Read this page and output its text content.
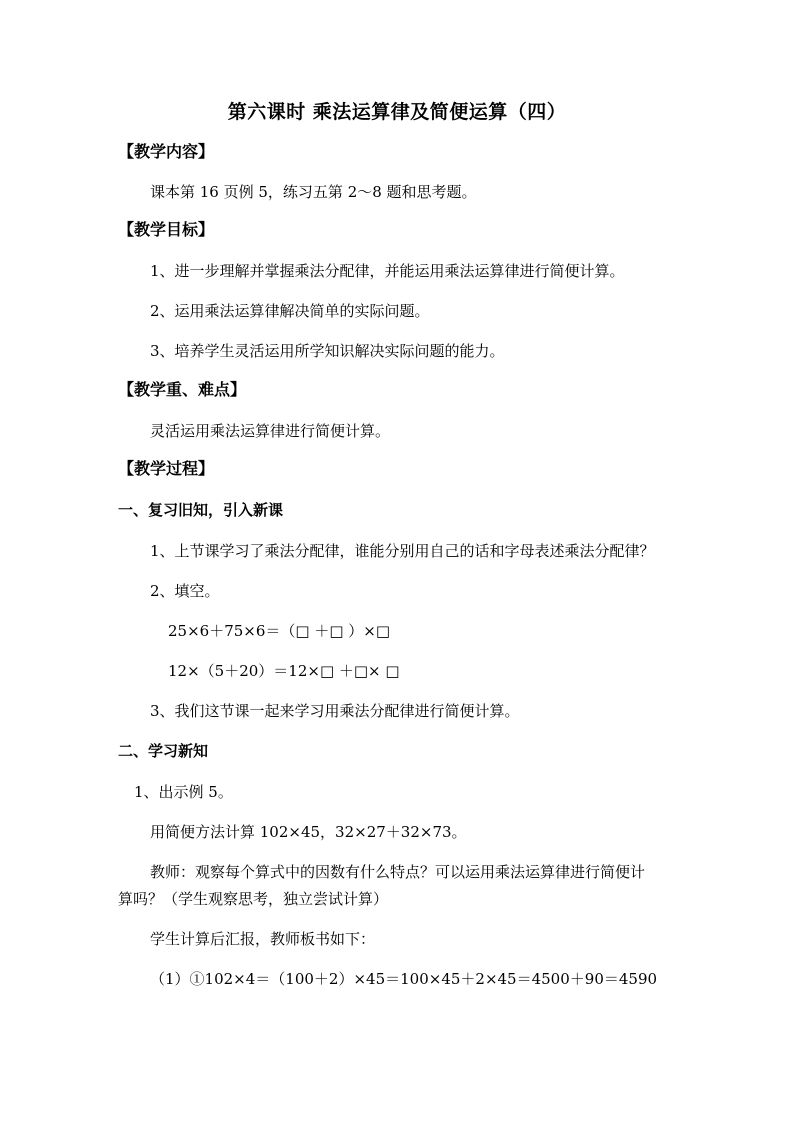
第六课时 乘法运算律及简便运算（四）
【教学内容】
课本第 16 页例 5，练习五第 2～8 题和思考题。
【教学目标】
1、进一步理解并掌握乘法分配律，并能运用乘法运算律进行简便计算。
2、运用乘法运算律解决简单的实际问题。
3、培养学生灵活运用所学知识解决实际问题的能力。
【教学重、难点】
灵活运用乘法运算律进行简便计算。
【教学过程】
一、复习旧知，引入新课
1、上节课学习了乘法分配律，谁能分别用自己的话和字母表述乘法分配律？
2、填空。
25×6＋75×6＝（□ ＋□ ）×□
12×（5＋20）＝12×□ ＋□× □
3、我们这节课一起来学习用乘法分配律进行简便计算。
二、学习新知
1、出示例 5。
用简便方法计算 102×45，32×27＋32×73。
教师：观察每个算式中的因数有什么特点？可以运用乘法运算律进行简便计
算吗？（学生观察思考，独立尝试计算）
学生计算后汇报，教师板书如下：
（1）①102×4＝（100＋2）×45＝100×45＋2×45＝4500＋90＝4590
